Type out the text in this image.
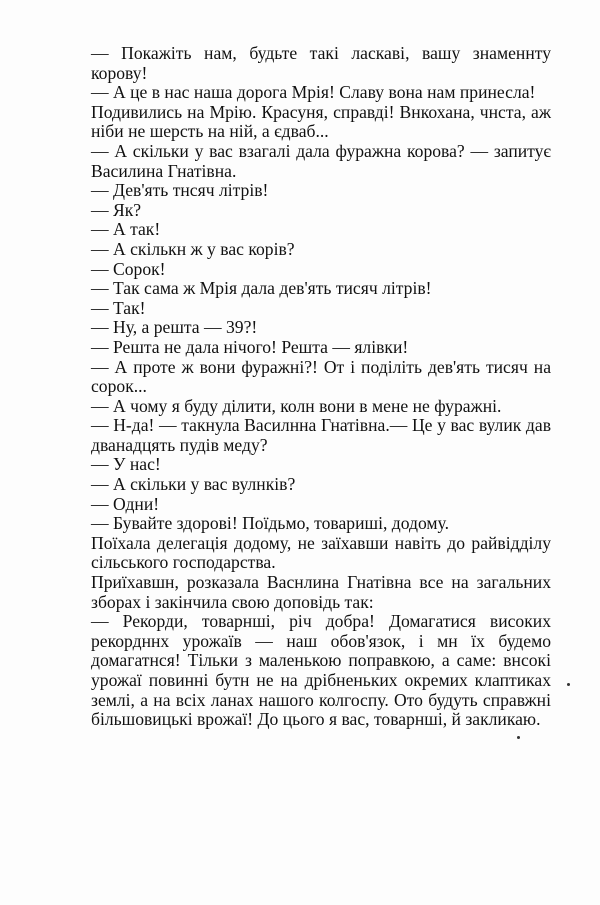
— Покажіть нам, будьте такі ласкаві, вашу знаменнту корову!

— А це в нас наша дорога Мрія! Славу вона нам принесла!

Подивились на Мрію. Красуня, справді! Внкохана, чнста, аж ніби не шерсть на ній, а єдваб...

— А скільки у вас взагалі дала фуражна корова? — запитує Василина Гнатівна.

— Дев'ять тнсяч літрів!

— Як?

— А так!

— А скількн ж у вас корів?

— Сорок!

— Так сама ж Мрія дала дев'ять тисяч літрів!

— Так!

— Ну, а решта — 39?!

— Решта не дала нічого! Решта — ялівки!

— А проте ж вони фуражні?! От і поділіть дев'ять тисяч на сорок...

— А чому я буду ділити, колн вони в мене не фуражні.

— Н-да! — такнула Василнна Гнатівна.— Це у вас вулик дав дванадцять пудів меду?

— У нас!

— А скільки у вас вулнків?

— Одни!

— Бувайте здорові! Поїдьмо, товариші, додому.

Поїхала делегація додому, не заїхавши навіть до райвідділу сільського господарства.

Приїхавшн, розказала Васнлина Гнатівна все на загальних зборах і закінчила свою доповідь так:

— Рекорди, товарнші, річ добра! Домагатися високих рекордннх урожаїв — наш обов'язок, і мн їх будемо домагатнся! Тільки з маленькою поправкою, а саме: внсокі урожаї повинні бутн не на дрібненьких окремих клаптиках землі, а на всіх ланах нашого колгоспу. Ото будуть справжні більшовицькі врожаї! До цього я вас, товарнші, й закликаю.
